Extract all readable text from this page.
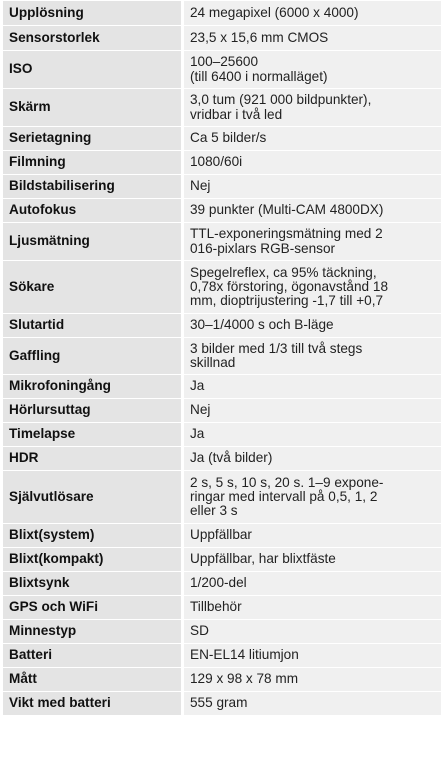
Upplösning	24 megapixel (6000 x 4000)
Sensorstorlek	23,5 x 15,6 mm CMOS
ISO	100–25600
(till 6400 i normalläget)
Skärm	3,0 tum (921 000 bildpunkter),
vridbar i två led
Serietagning	Ca 5 bilder/s
Filmning	1080/60i
Bildstabilisering	Nej
Autofokus	39 punkter (Multi-CAM 4800DX)
Ljusmätning	TTL-exponeringsmätning med 2
016-pixlars RGB-sensor
Sökare	Spegelreflex, ca 95% täckning,
0,78x förstoring, ögonavstånd 18
mm, dioptrijustering -1,7 till +0,7
Slutartid	30–1/4000 s och B-läge
Gaffling	3 bilder med 1/3 till två stegs
skillnad
Mikrofoningång	Ja
Hörlursuttag	Nej
Timelapse	Ja
HDR	Ja (två bilder)
Självutlösare	2 s, 5 s, 10 s, 20 s. 1–9 expone-
ringar med intervall på 0,5, 1, 2
eller 3 s
Blixt(system)	Uppfällbar
Blixt(kompakt)	Uppfällbar, har blixtfäste
Blixtsynk	1/200-del
GPS och WiFi	Tillbehör
Minnestyp	SD
Batteri	EN-EL14 litiumjon
Mått	129 x 98 x 78 mm
Vikt med batteri	555 gram
